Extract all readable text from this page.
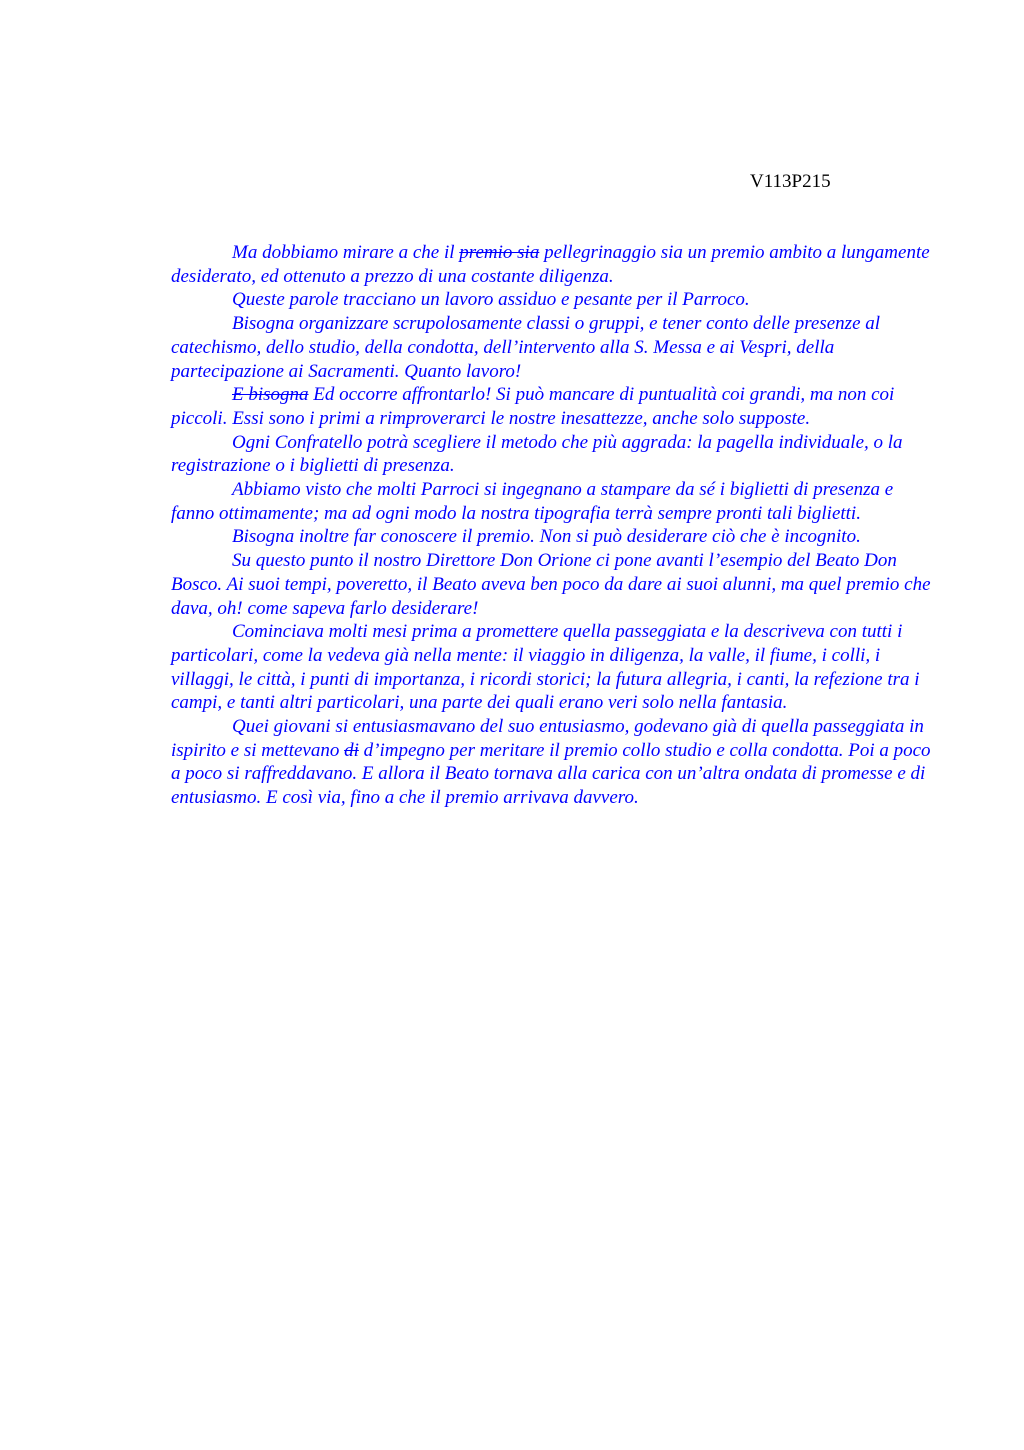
V113P215

Ma dobbiamo mirare a che il premio sia pellegrinaggio sia un premio ambito a lungamente desiderato, ed ottenuto a prezzo di una costante diligenza.

Queste parole tracciano un lavoro assiduo e pesante per il Parroco.

Bisogna organizzare scrupolosamente classi o gruppi, e tener conto delle presenze al catechismo, dello studio, della condotta, dell’intervento alla S. Messa e ai Vespri, della partecipazione ai Sacramenti. Quanto lavoro!

E bisogna Ed occorre affrontarlo! Si può mancare di puntualità coi grandi, ma non coi piccoli. Essi sono i primi a rimproverarci le nostre inesattezze, anche solo supposte.

Ogni Confratello potrà scegliere il metodo che più aggrada: la pagella individuale, o la registrazione o i biglietti di presenza.

Abbiamo visto che molti Parroci si ingegnano a stampare da sé i biglietti di presenza e fanno ottimamente; ma ad ogni modo la nostra tipografia terrà sempre pronti tali biglietti.

Bisogna inoltre far conoscere il premio. Non si può desiderare ciò che è incognito.

Su questo punto il nostro Direttore Don Orione ci pone avanti l’esempio del Beato Don Bosco. Ai suoi tempi, poveretto, il Beato aveva ben poco da dare ai suoi alunni, ma quel premio che dava, oh! come sapeva farlo desiderare!

Cominciava molti mesi prima a promettere quella passeggiata e la descriveva con tutti i particolari, come la vedeva già nella mente: il viaggio in diligenza, la valle, il fiume, i colli, i villaggi, le città, i punti di importanza, i ricordi storici; la futura allegria, i canti, la refezione tra i campi, e tanti altri particolari, una parte dei quali erano veri solo nella fantasia.

Quei giovani si entusiasmavano del suo entusiasmo, godevano già di quella passeggiata in ispirito e si mettevano di d’impegno per meritare il premio collo studio e colla condotta. Poi a poco a poco si raffreddavano. E allora il Beato tornava alla carica con un’altra ondata di promesse e di entusiasmo. E così via, fino a che il premio arrivava davvero.
